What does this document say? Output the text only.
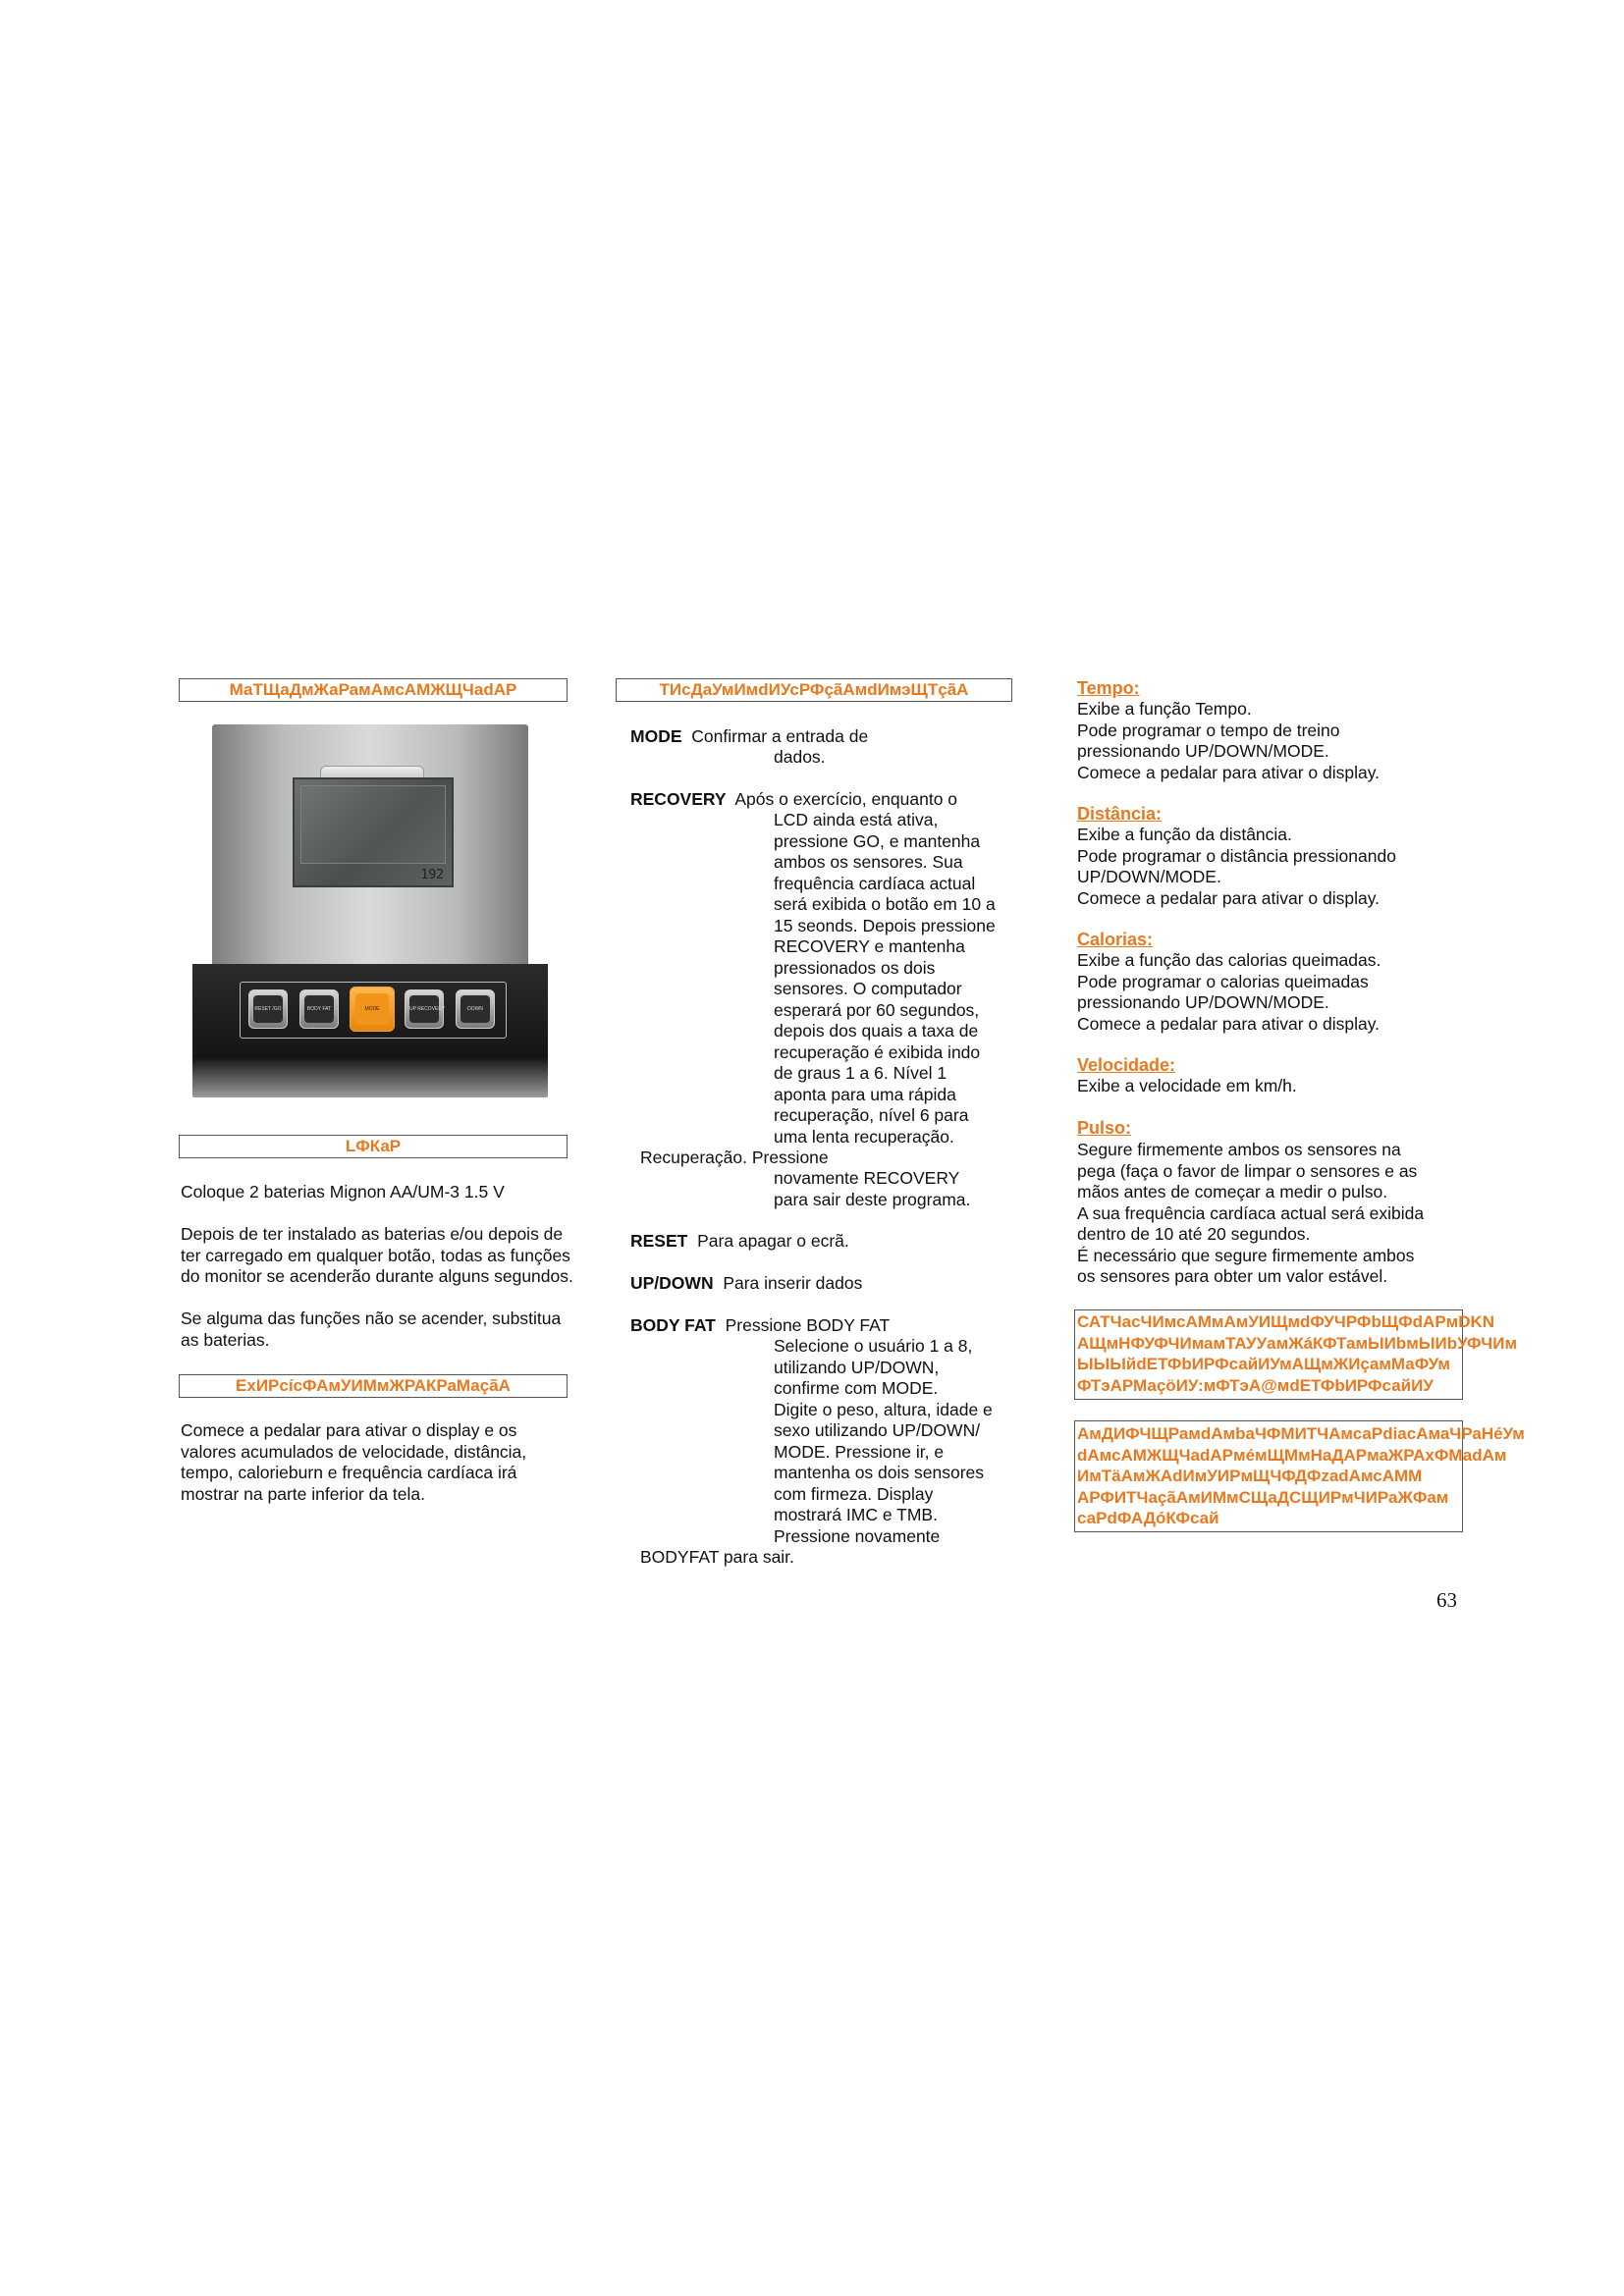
МаТЩаДмЖаРамАмсАМЖЩЧаdАР
192
RESET /GO	BODY FAT	MODE	UP RECOVERY	DOWN
LФКаР
Coloque 2 baterias Mignon AA/UM-3 1.5 V
Depois de ter instalado as baterias e/ou depois de ter carregado em qualquer botão, todas as funções do monitor se acenderão durante alguns segundos.
Se alguma das funções não se acender, substitua as baterias.
ЕхИРсícФАмУИМмЖРАКРаМаçãА
Comece a pedalar para ativar o display e os valores acumulados de velocidade, distância, tempo, calorieburn e frequência cardíaca irá mostrar na parte inferior da tela.
ТИсДаУмИмdИУсРФçãАмdИмэЩТçãА
MODE Confirmar a entrada de
dados.
RECOVERY Após o exercício, enquanto o
LCD ainda está ativa,
pressione GO, e mantenha
ambos os sensores. Sua
frequência cardíaca actual
será exibida o botão em 10 a
15 seonds. Depois pressione
RECOVERY e mantenha
pressionados os dois
sensores. O computador
esperará por 60 segundos,
depois dos quais a taxa de
recuperação é exibida indo
de graus 1 a 6. Nível 1
aponta para uma rápida
recuperação, nível 6 para
uma lenta recuperação.
Recuperação. Pressione
novamente RECOVERY
para sair deste programa.
RESET Para apagar o ecrã.
UP/DOWN Para inserir dados
BODY FAT Pressione BODY FAT
Selecione o usuário 1 a 8,
utilizando UP/DOWN,
confirme com MODE.
Digite o peso, altura, idade e
sexo utilizando UP/DOWN/
MODE. Pressione ir, e
mantenha os dois sensores
com firmeza. Display
mostrará IMC e TMB.
Pressione novamente
BODYFAT para sair.
Tempo:
Exibe a função Tempo.
Pode programar o tempo de treino
pressionando UP/DOWN/MODE.
Comece a pedalar para ativar o display.
Distância:
Exibe a função da distância.
Pode programar o distância pressionando
UP/DOWN/MODE.
Comece a pedalar para ativar o display.
Calorias:
Exibe a função das calorias queimadas.
Pode programar o calorias queimadas
pressionando UP/DOWN/MODE.
Comece a pedalar para ativar o display.
Velocidade:
Exibe a velocidade em km/h.
Pulso:
Segure firmemente ambos os sensores na
pega (faça o favor de limpar o sensores e as
mãos antes de começar a medir o pulso.
A sua frequência cardíaca actual será exibida
dentro de 10 até 20 segundos.
É necessário que segure firmemente ambos
os sensores para obter um valor estável.
САТЧасЧИмсАМмАмУИЩмdФУЧРФbЩФdАРмDKN
АЩмНФУФЧИмамТАУУамЖáКФТамЫИbмЫИbУФЧИм
ЫЫЫйdЕТФbИРФсайИУмАЩмЖИçамМаФУм
ФТэАРМаçöИУ:мФТэА@мdЕТФbИРФсайИУ
АмДИФЧЩРамdАмbаЧФМИТЧАмсаРdiacАмаЧРаНéУм
dАмсАМЖЩЧаdАРмéмЩМмНаДАРмаЖРАхФМаdАм
ИмТäАмЖАdИмУИРмЩЧФДФzаdАмсАММ
АРФИТЧаçãАмИМмСЩаДСЩИРмЧИРаЖФам
саРdФАДóКФсай
63
